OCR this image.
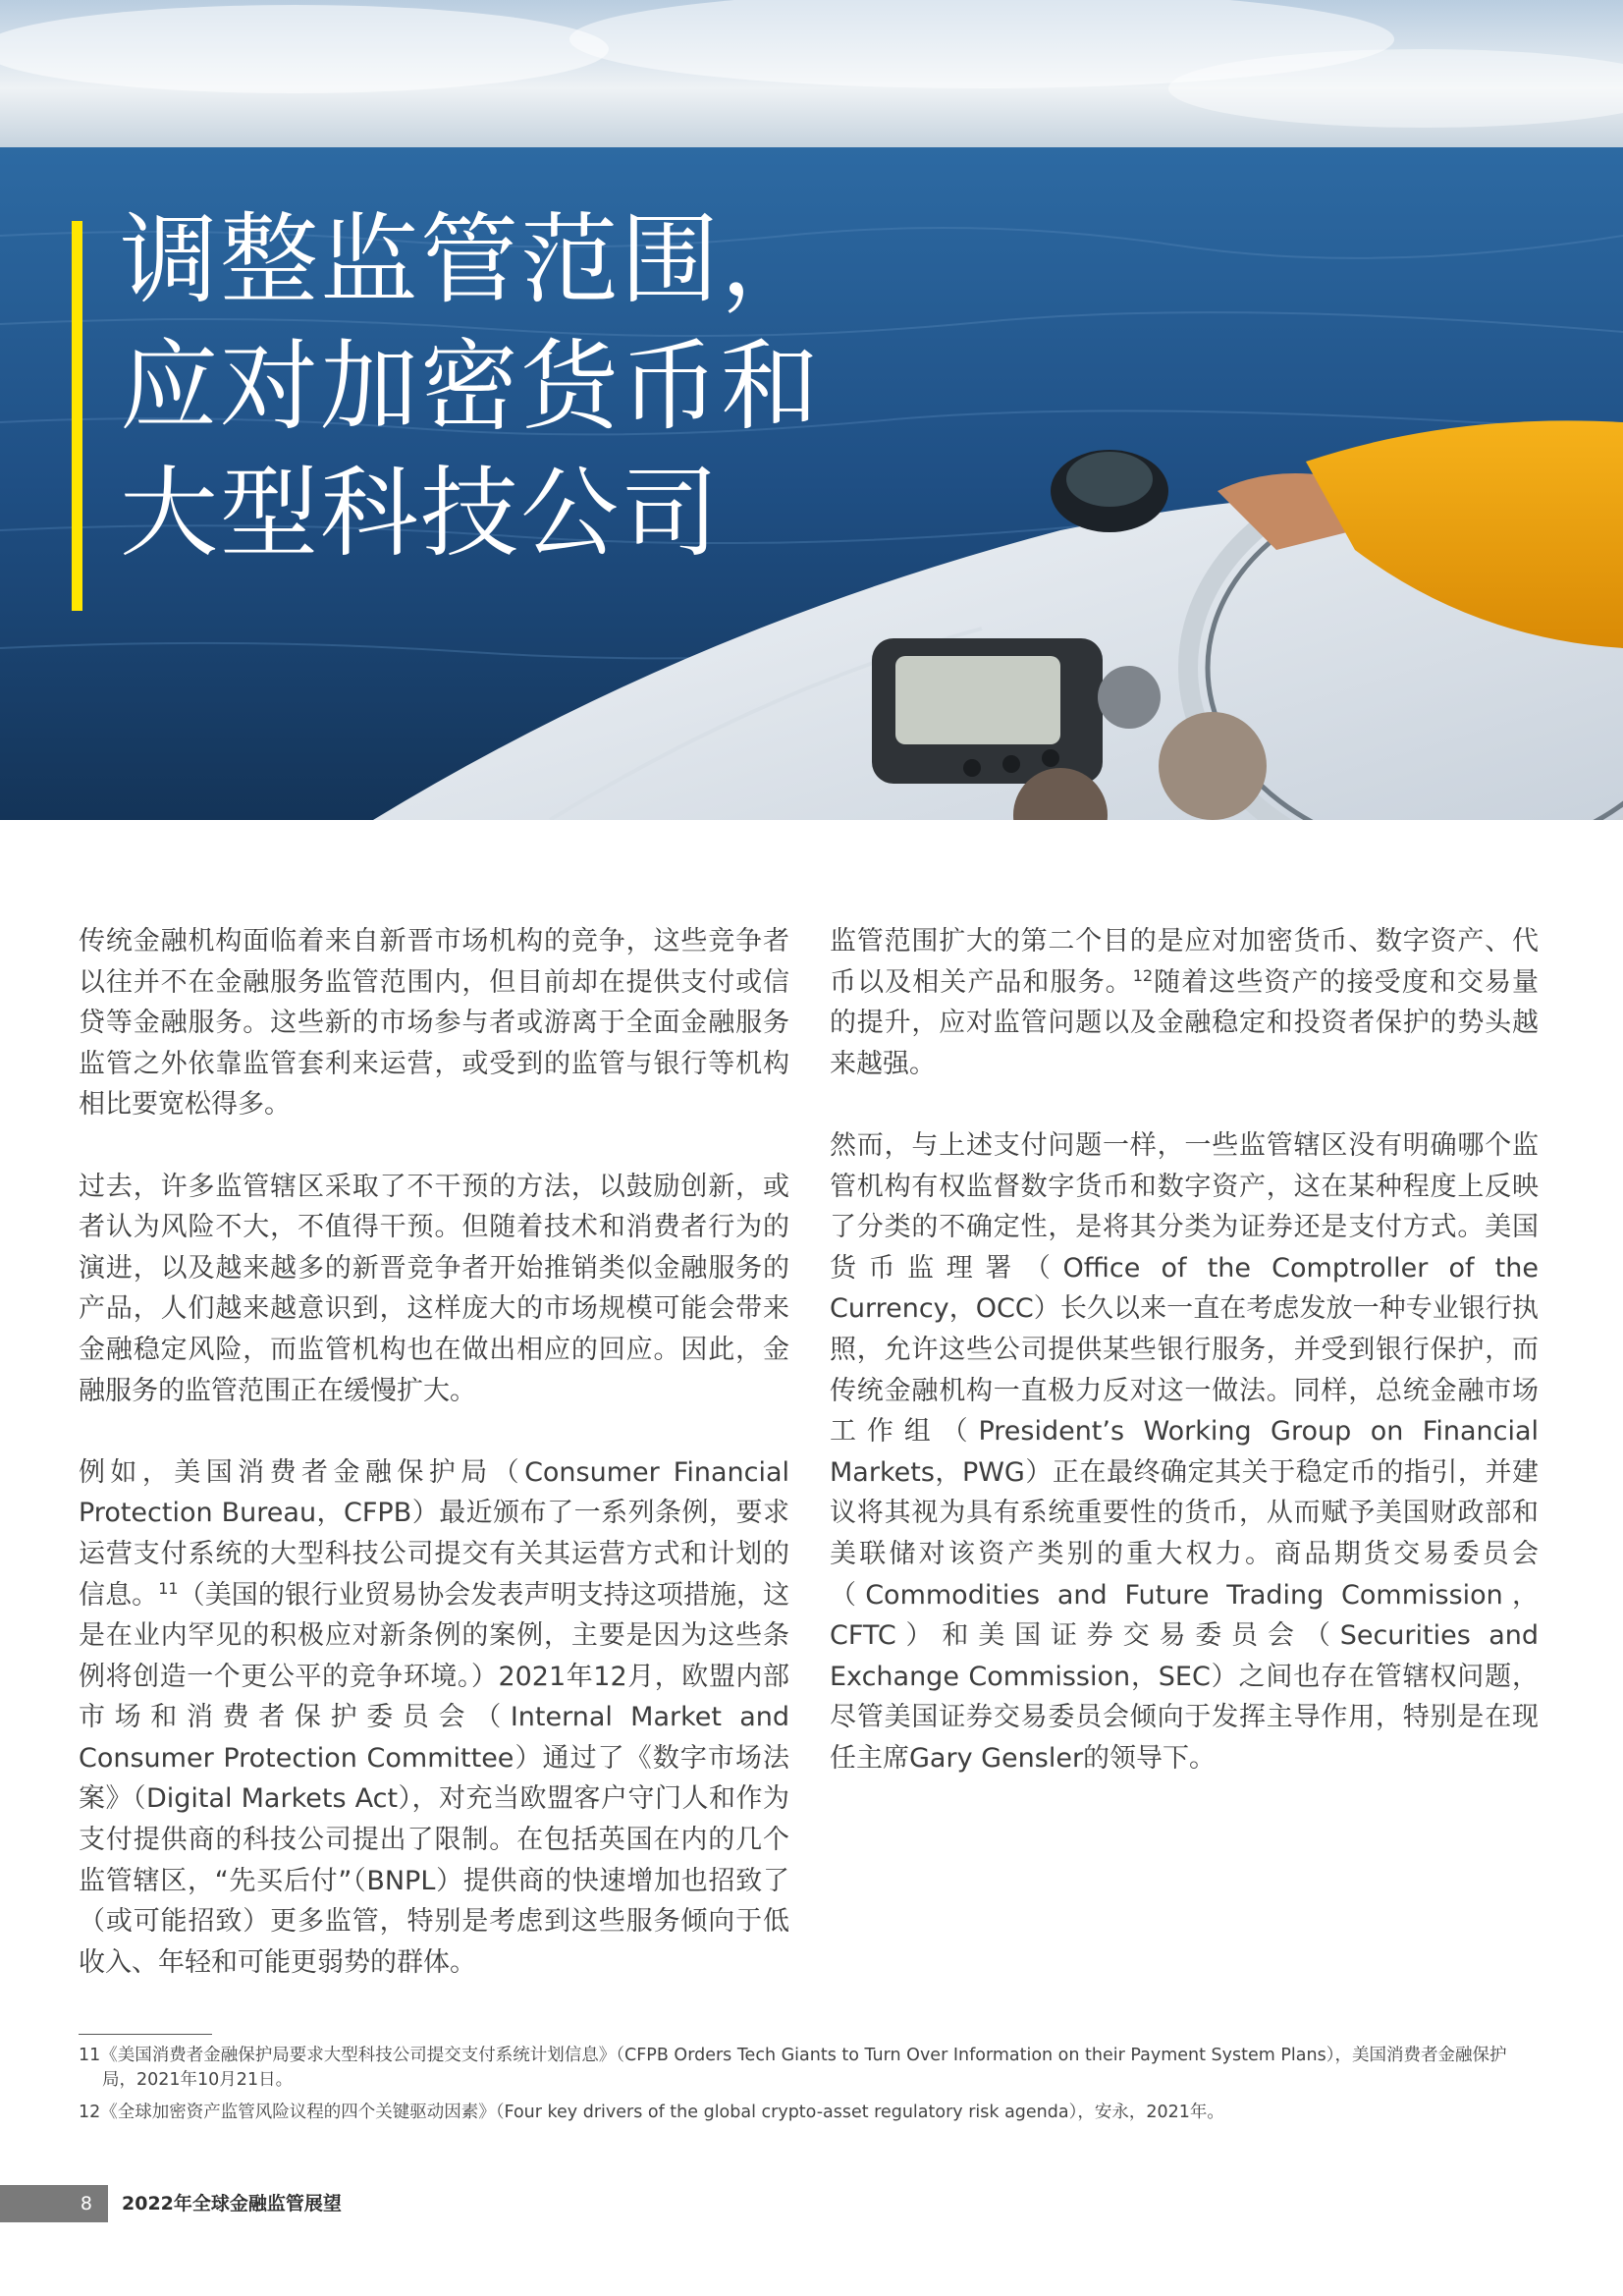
调整监管范围，
应对加密货币和
大型科技公司

传统金融机构面临着来自新晋市场机构的竞争，这些竞争者以往并不在金融服务监管范围内，但目前却在提供支付或信贷等金融服务。这些新的市场参与者或游离于全面金融服务监管之外依靠监管套利来运营，或受到的监管与银行等机构相比要宽松得多。

过去，许多监管辖区采取了不干预的方法，以鼓励创新，或者认为风险不大，不值得干预。但随着技术和消费者行为的演进，以及越来越多的新晋竞争者开始推销类似金融服务的产品，人们越来越意识到，这样庞大的市场规模可能会带来金融稳定风险，而监管机构也在做出相应的回应。因此，金融服务的监管范围正在缓慢扩大。

例如，美国消费者金融保护局（Consumer Financial Protection Bureau，CFPB）最近颁布了一系列条例，要求运营支付系统的大型科技公司提交有关其运营方式和计划的信息。$^{11}$（美国的银行业贸易协会发表声明支持这项措施，这是在业内罕见的积极应对新条例的案例，主要是因为这些条例将创造一个更公平的竞争环境。）2021年12月，欧盟内部市场和消费者保护委员会（Internal Market and Consumer Protection Committee）通过了《数字市场法案》（Digital Markets Act），对充当欧盟客户守门人和作为支付提供商的科技公司提出了限制。在包括英国在内的几个监管辖区，“先买后付”（BNPL）提供商的快速增加也招致了（或可能招致）更多监管，特别是考虑到这些服务倾向于低收入、年轻和可能更弱势的群体。

监管范围扩大的第二个目的是应对加密货币、数字资产、代币以及相关产品和服务。$^{12}$随着这些资产的接受度和交易量的提升，应对监管问题以及金融稳定和投资者保护的势头越来越强。

然而，与上述支付问题一样，一些监管辖区没有明确哪个监管机构有权监督数字货币和数字资产，这在某种程度上反映了分类的不确定性，是将其分类为证券还是支付方式。美国货币监理署（Office of the Comptroller of the Currency，OCC）长久以来一直在考虑发放一种专业银行执照，允许这些公司提供某些银行服务，并受到银行保护，而传统金融机构一直极力反对这一做法。同样，总统金融市场工作组（President’s Working Group on Financial Markets，PWG）正在最终确定其关于稳定币的指引，并建议将其视为具有系统重要性的货币，从而赋予美国财政部和美联储对该资产类别的重大权力。商品期货交易委员会（Commodities and Future Trading Commission，CFTC）和美国证券交易委员会（Securities and Exchange Commission，SEC）之间也存在管辖权问题，尽管美国证券交易委员会倾向于发挥主导作用，特别是在现任主席Gary Gensler的领导下。

11《美国消费者金融保护局要求大型科技公司提交支付系统计划信息》（CFPB Orders Tech Giants to Turn Over Information on their Payment System Plans），美国消费者金融保护局，2021年10月21日。
12《全球加密资产监管风险议程的四个关键驱动因素》（Four key drivers of the global crypto-asset regulatory risk agenda），安永，2021年。
8	2022年全球金融监管展望
